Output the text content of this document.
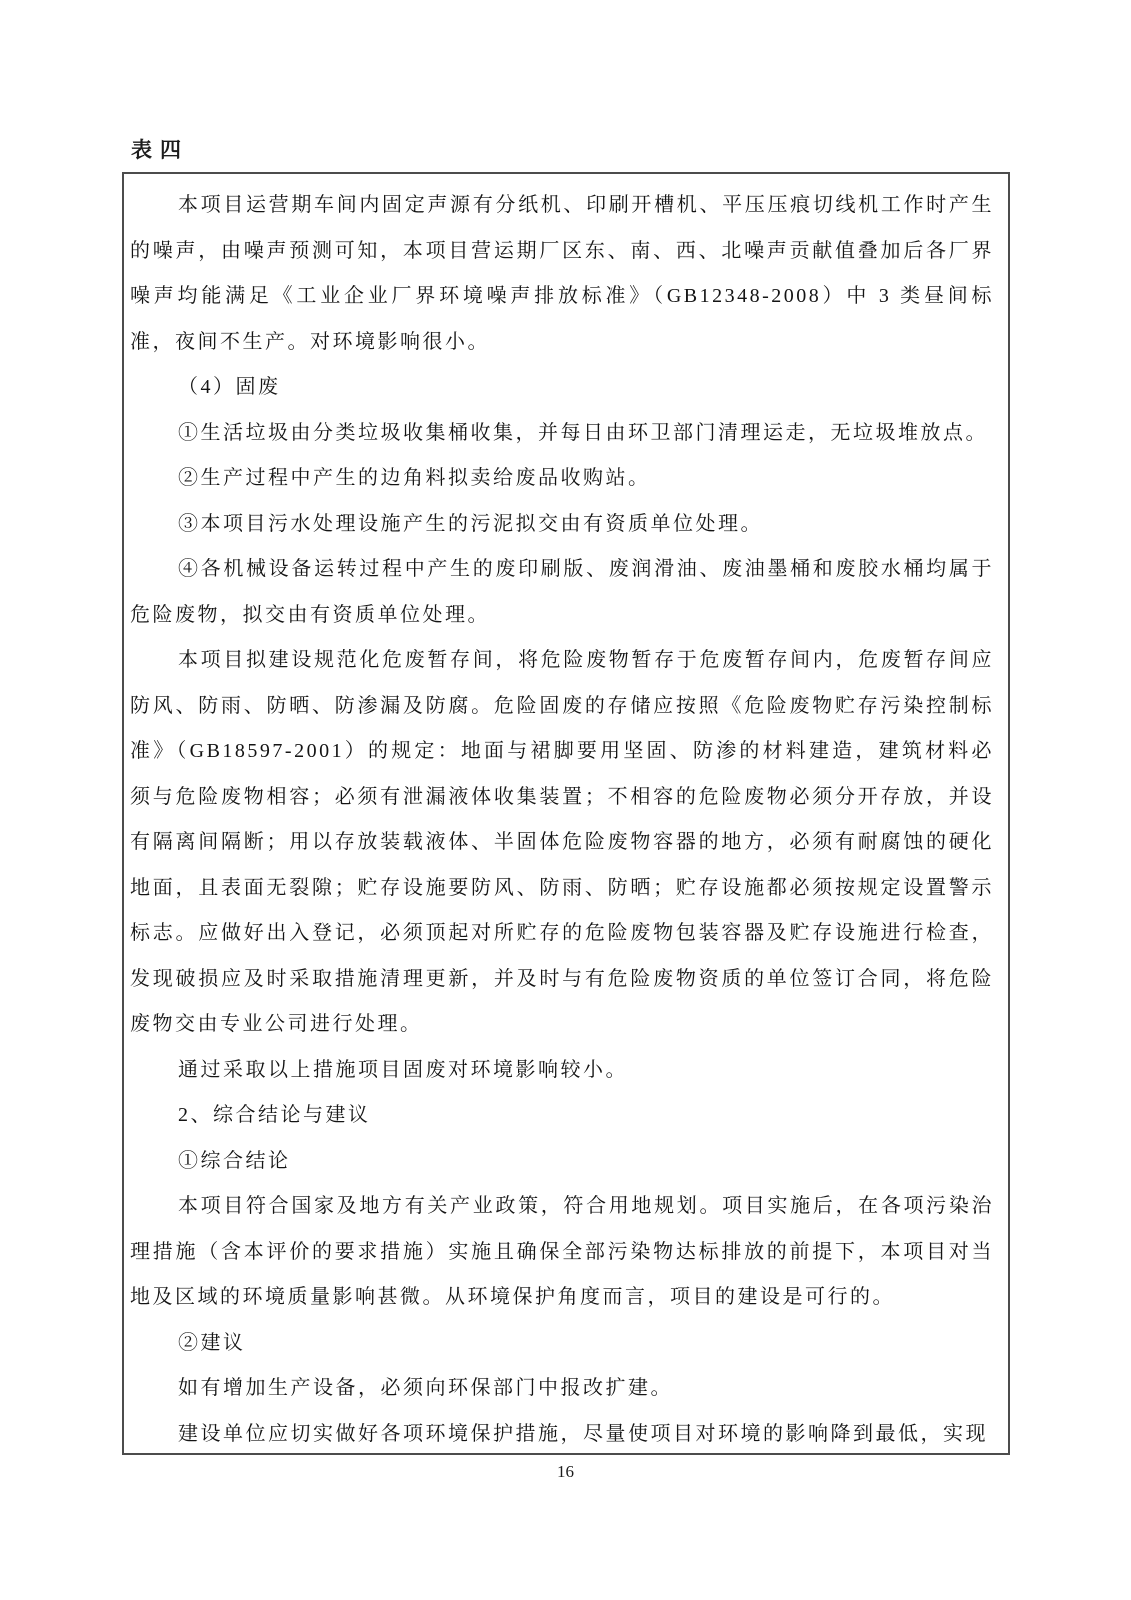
表四

本项目运营期车间内固定声源有分纸机、印刷开槽机、平压压痕切线机工作时产生的噪声，由噪声预测可知，本项目营运期厂区东、南、西、北噪声贡献值叠加后各厂界噪声均能满足《工业企业厂界环境噪声排放标准》（GB12348-2008）中 3 类昼间标准，夜间不生产。对环境影响很小。

（4）固废

①生活垃圾由分类垃圾收集桶收集，并每日由环卫部门清理运走，无垃圾堆放点。

②生产过程中产生的边角料拟卖给废品收购站。

③本项目污水处理设施产生的污泥拟交由有资质单位处理。

④各机械设备运转过程中产生的废印刷版、废润滑油、废油墨桶和废胶水桶均属于危险废物，拟交由有资质单位处理。

本项目拟建设规范化危废暂存间，将危险废物暂存于危废暂存间内，危废暂存间应防风、防雨、防晒、防渗漏及防腐。危险固废的存储应按照《危险废物贮存污染控制标准》（GB18597-2001）的规定：地面与裙脚要用坚固、防渗的材料建造，建筑材料必须与危险废物相容；必须有泄漏液体收集装置；不相容的危险废物必须分开存放，并设有隔离间隔断；用以存放装载液体、半固体危险废物容器的地方，必须有耐腐蚀的硬化地面，且表面无裂隙；贮存设施要防风、防雨、防晒；贮存设施都必须按规定设置警示标志。应做好出入登记，必须顶起对所贮存的危险废物包装容器及贮存设施进行检查，发现破损应及时采取措施清理更新，并及时与有危险废物资质的单位签订合同，将危险废物交由专业公司进行处理。

通过采取以上措施项目固废对环境影响较小。

2、综合结论与建议

①综合结论

本项目符合国家及地方有关产业政策，符合用地规划。项目实施后，在各项污染治理措施（含本评价的要求措施）实施且确保全部污染物达标排放的前提下，本项目对当地及区域的环境质量影响甚微。从环境保护角度而言，项目的建设是可行的。

②建议

如有增加生产设备，必须向环保部门中报改扩建。

建设单位应切实做好各项环境保护措施，尽量使项目对环境的影响降到最低，实现

16
